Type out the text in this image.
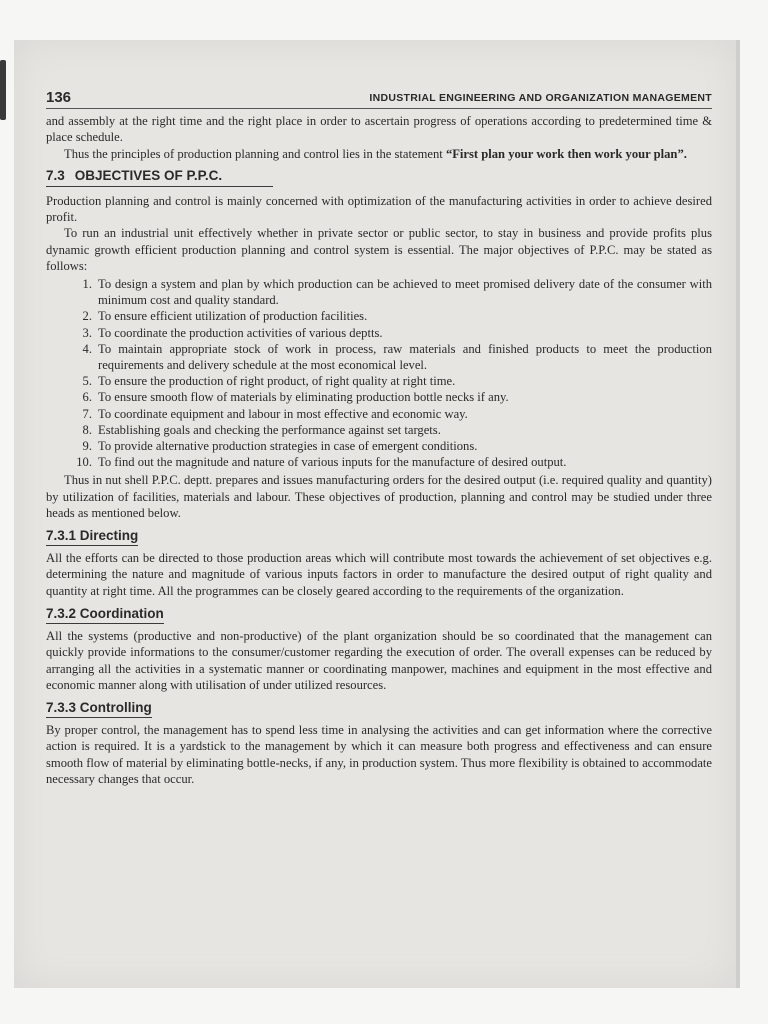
136	INDUSTRIAL ENGINEERING AND ORGANIZATION MANAGEMENT

and assembly at the right time and the right place in order to ascertain progress of operations according to predetermined time & place schedule.

Thus the principles of production planning and control lies in the statement “First plan your work then work your plan”.

7.3 OBJECTIVES OF P.P.C.

Production planning and control is mainly concerned with optimization of the manufacturing activities in order to achieve desired profit.

To run an industrial unit effectively whether in private sector or public sector, to stay in business and provide profits plus dynamic growth efficient production planning and control system is essential. The major objectives of P.P.C. may be stated as follows:

1. To design a system and plan by which production can be achieved to meet promised delivery date of the consumer with minimum cost and quality standard.
2. To ensure efficient utilization of production facilities.
3. To coordinate the production activities of various deptts.
4. To maintain appropriate stock of work in process, raw materials and finished products to meet the production requirements and delivery schedule at the most economical level.
5. To ensure the production of right product, of right quality at right time.
6. To ensure smooth flow of materials by eliminating production bottle necks if any.
7. To coordinate equipment and labour in most effective and economic way.
8. Establishing goals and checking the performance against set targets.
9. To provide alternative production strategies in case of emergent conditions.
10. To find out the magnitude and nature of various inputs for the manufacture of desired output.

Thus in nut shell P.P.C. deptt. prepares and issues manufacturing orders for the desired output (i.e. required quality and quantity) by utilization of facilities, materials and labour. These objectives of production, planning and control may be studied under three heads as mentioned below.

7.3.1 Directing

All the efforts can be directed to those production areas which will contribute most towards the achievement of set objectives e.g. determining the nature and magnitude of various inputs factors in order to manufacture the desired output of right quality and quantity at right time. All the programmes can be closely geared according to the requirements of the organization.

7.3.2 Coordination

All the systems (productive and non-productive) of the plant organization should be so coordinated that the management can quickly provide informations to the consumer/customer regarding the execution of order. The overall expenses can be reduced by arranging all the activities in a systematic manner or coordinating manpower, machines and equipment in the most effective and economic manner along with utilisation of under utilized resources.

7.3.3 Controlling

By proper control, the management has to spend less time in analysing the activities and can get information where the corrective action is required. It is a yardstick to the management by which it can measure both progress and effectiveness and can ensure smooth flow of material by eliminating bottle-necks, if any, in production system. Thus more flexibility is obtained to accommodate necessary changes that occur.
